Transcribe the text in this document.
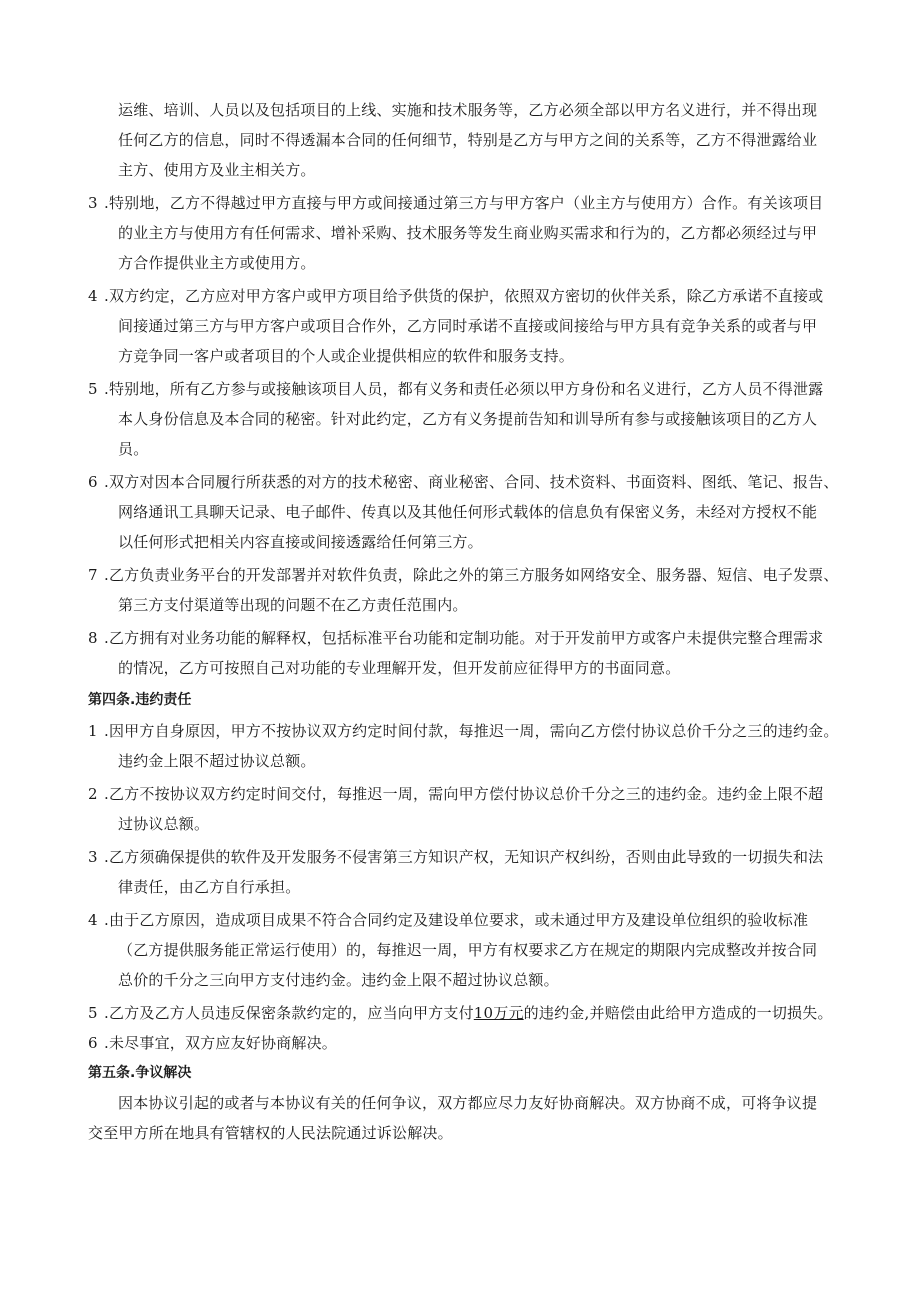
运维、培训、人员以及包括项目的上线、实施和技术服务等，乙方必须全部以甲方名义进行，并不得出现
任何乙方的信息，同时不得透漏本合同的任何细节，特别是乙方与甲方之间的关系等，乙方不得泄露给业
主方、使用方及业主相关方。
3 .特别地，乙方不得越过甲方直接与甲方或间接通过第三方与甲方客户（业主方与使用方）合作。有关该项目
的业主方与使用方有任何需求、增补采购、技术服务等发生商业购买需求和行为的，乙方都必须经过与甲
方合作提供业主方或使用方。
4 .双方约定，乙方应对甲方客户或甲方项目给予供货的保护，依照双方密切的伙伴关系，除乙方承诺不直接或
间接通过第三方与甲方客户或项目合作外，乙方同时承诺不直接或间接给与甲方具有竞争关系的或者与甲
方竞争同一客户或者项目的个人或企业提供相应的软件和服务支持。
5 .特别地，所有乙方参与或接触该项目人员，都有义务和责任必须以甲方身份和名义进行，乙方人员不得泄露
本人身份信息及本合同的秘密。针对此约定，乙方有义务提前告知和训导所有参与或接触该项目的乙方人
员。
6 .双方对因本合同履行所获悉的对方的技术秘密、商业秘密、合同、技术资料、书面资料、图纸、笔记、报告、
网络通讯工具聊天记录、电子邮件、传真以及其他任何形式载体的信息负有保密义务，未经对方授权不能
以任何形式把相关内容直接或间接透露给任何第三方。
7 .乙方负责业务平台的开发部署并对软件负责，除此之外的第三方服务如网络安全、服务器、短信、电子发票、
第三方支付渠道等出现的问题不在乙方责任范围内。
8 .乙方拥有对业务功能的解释权，包括标准平台功能和定制功能。对于开发前甲方或客户未提供完整合理需求
的情况，乙方可按照自己对功能的专业理解开发，但开发前应征得甲方的书面同意。
第四条.违约责任
1 .因甲方自身原因，甲方不按协议双方约定时间付款，每推迟一周，需向乙方偿付协议总价千分之三的违约金。
违约金上限不超过协议总额。
2 .乙方不按协议双方约定时间交付，每推迟一周，需向甲方偿付协议总价千分之三的违约金。违约金上限不超
过协议总额。
3 .乙方须确保提供的软件及开发服务不侵害第三方知识产权，无知识产权纠纷，否则由此导致的一切损失和法
律责任，由乙方自行承担。
4 .由于乙方原因，造成项目成果不符合合同约定及建设单位要求，或未通过甲方及建设单位组织的验收标准
（乙方提供服务能正常运行使用）的，每推迟一周，甲方有权要求乙方在规定的期限内完成整改并按合同
总价的千分之三向甲方支付违约金。违约金上限不超过协议总额。
5 .乙方及乙方人员违反保密条款约定的，应当向甲方支付10万元的违约金,并赔偿由此给甲方造成的一切损失。
6 .未尽事宜，双方应友好协商解决。
第五条.争议解决
因本协议引起的或者与本协议有关的任何争议，双方都应尽力友好协商解决。双方协商不成，可将争议提
交至甲方所在地具有管辖权的人民法院通过诉讼解决。
